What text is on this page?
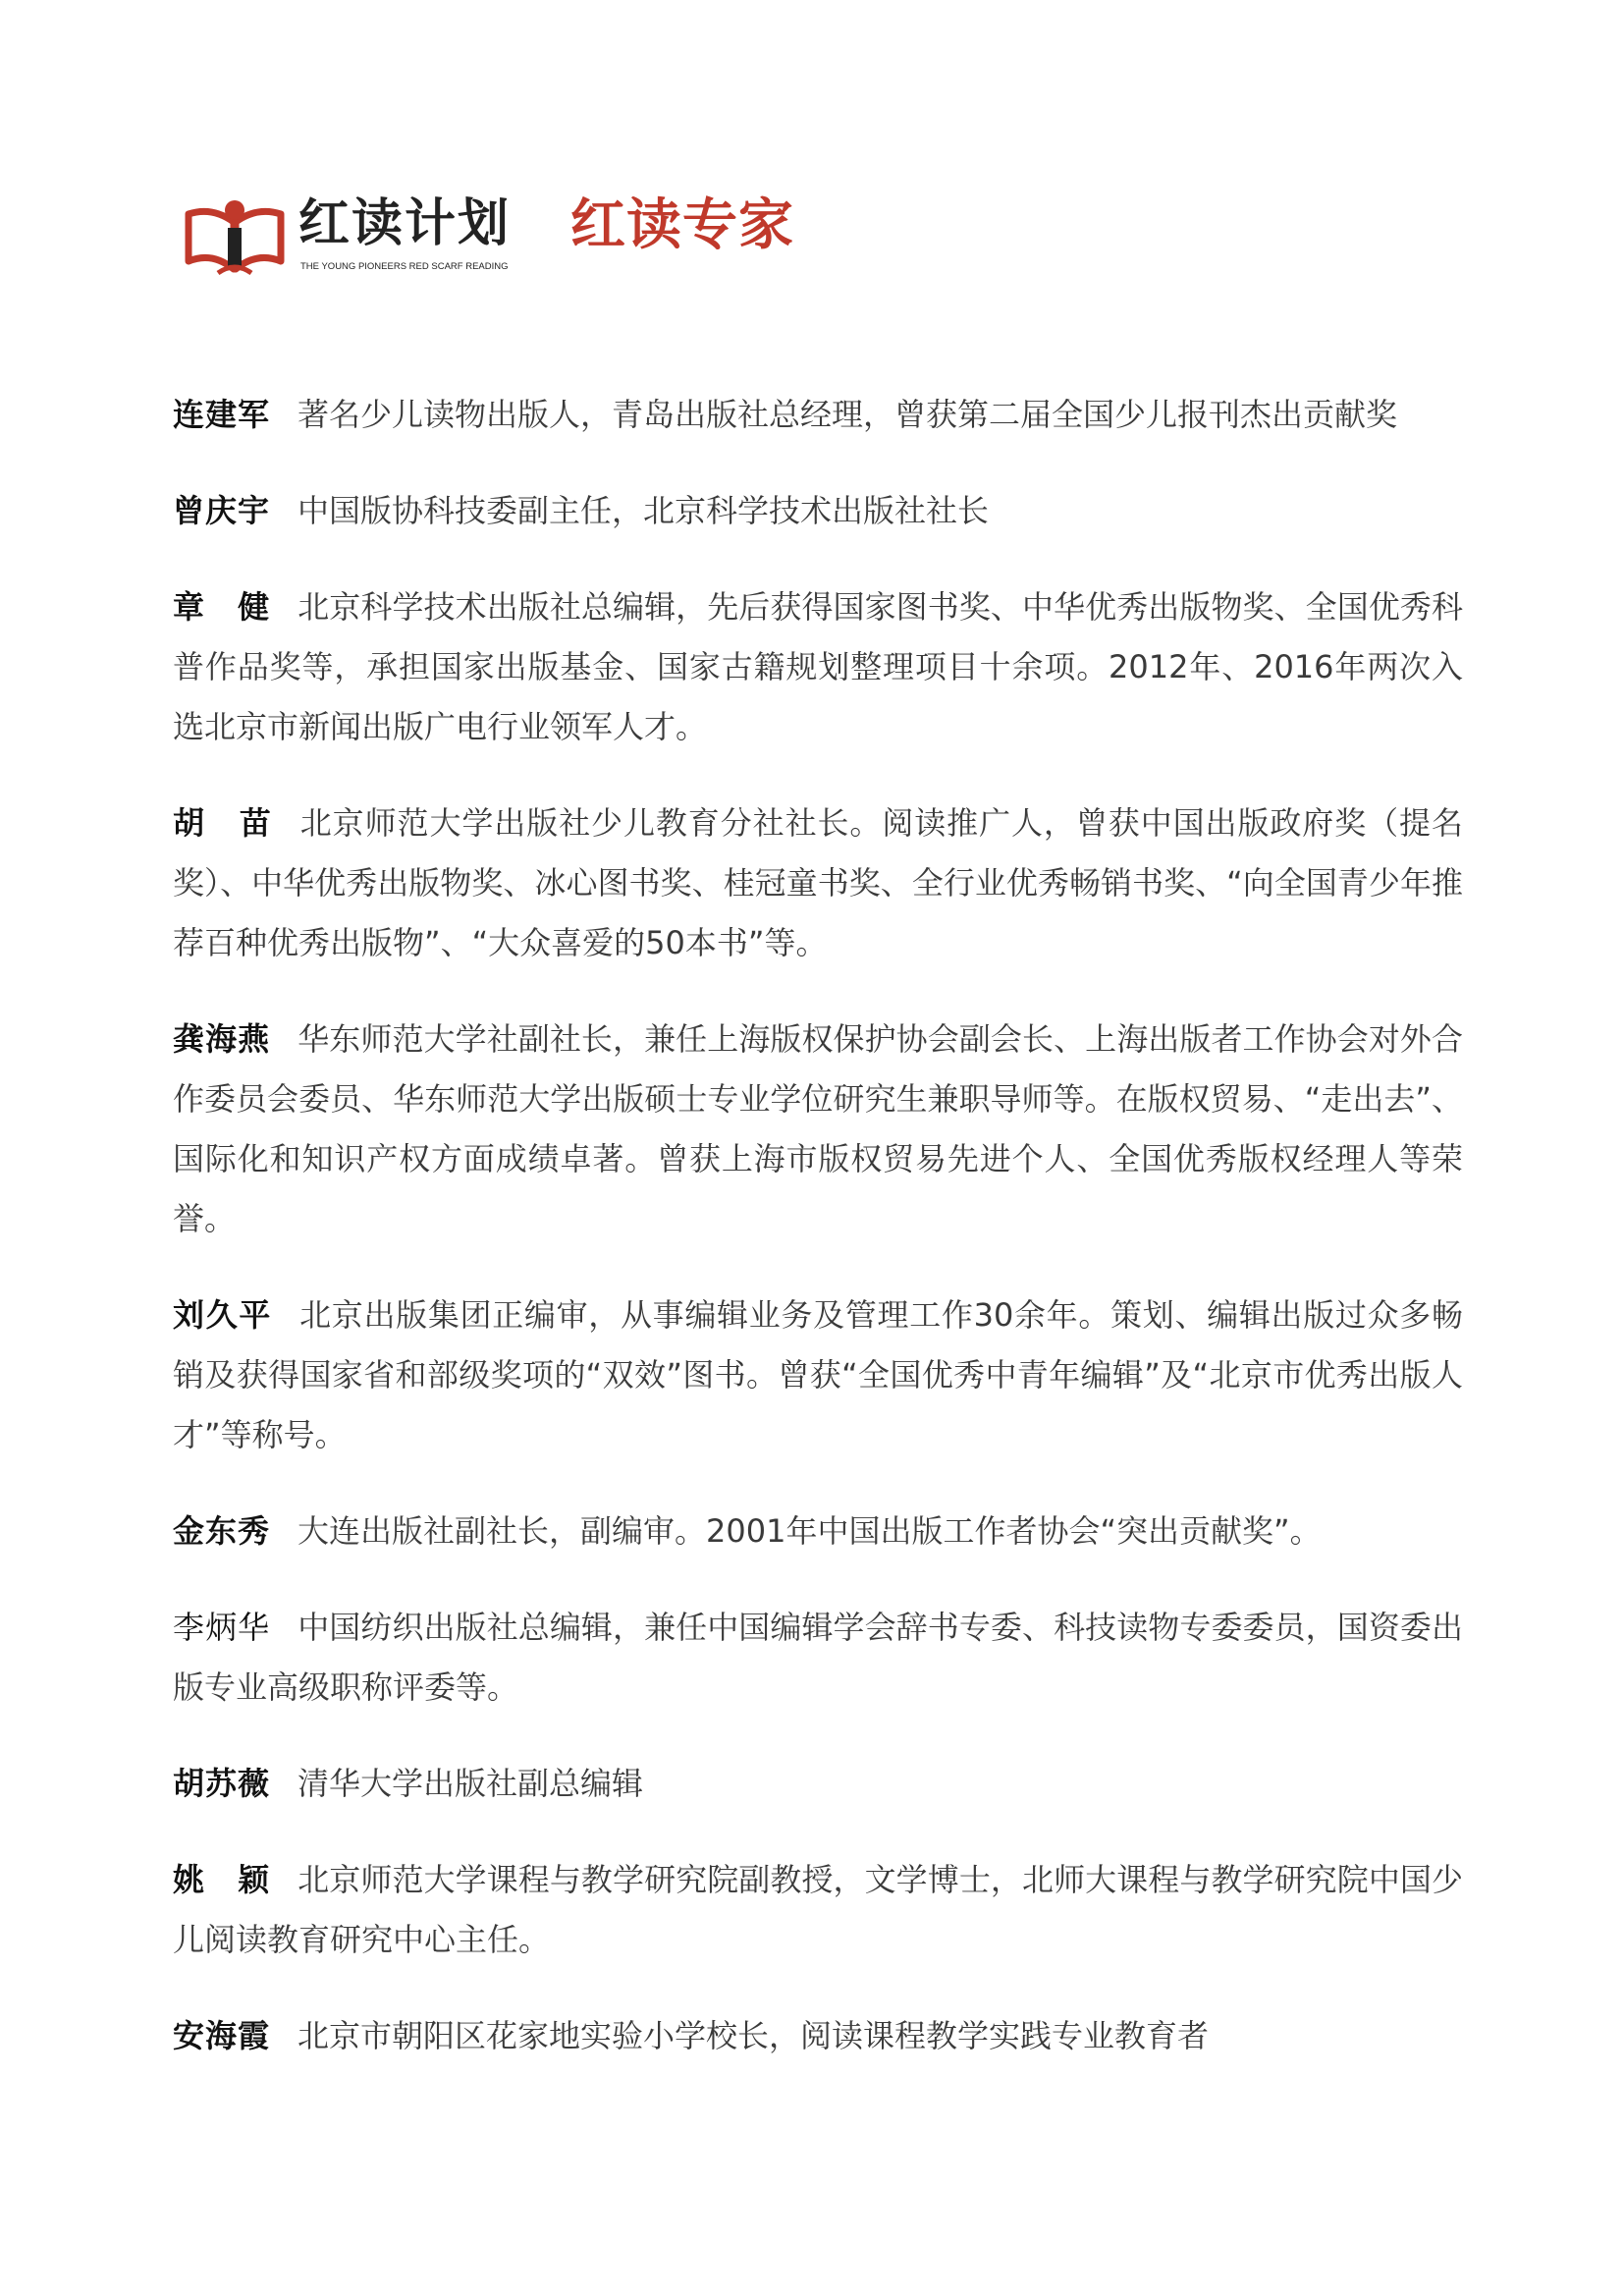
红读计划
THE YOUNG PIONEERS RED SCARF READING
红读专家

连建军 著名少儿读物出版人，青岛出版社总经理，曾获第二届全国少儿报刊杰出贡献奖

曾庆宇 中国版协科技委副主任，北京科学技术出版社社长

章　健 北京科学技术出版社总编辑，先后获得国家图书奖、中华优秀出版物奖、全国优秀科普作品奖等，承担国家出版基金、国家古籍规划整理项目十余项。2012年、2016年两次入选北京市新闻出版广电行业领军人才。

胡　苗 北京师范大学出版社少儿教育分社社长。阅读推广人，曾获中国出版政府奖（提名奖）、中华优秀出版物奖、冰心图书奖、桂冠童书奖、全行业优秀畅销书奖、“向全国青少年推荐百种优秀出版物”、“大众喜爱的50本书”等。

龚海燕 华东师范大学社副社长，兼任上海版权保护协会副会长、上海出版者工作协会对外合作委员会委员、华东师范大学出版硕士专业学位研究生兼职导师等。在版权贸易、“走出去”、国际化和知识产权方面成绩卓著。曾获上海市版权贸易先进个人、全国优秀版权经理人等荣誉。

刘久平 北京出版集团正编审，从事编辑业务及管理工作30余年。策划、编辑出版过众多畅销及获得国家省和部级奖项的“双效”图书。曾获“全国优秀中青年编辑”及“北京市优秀出版人才”等称号。

金东秀 大连出版社副社长，副编审。2001年中国出版工作者协会“突出贡献奖”。

李炳华 中国纺织出版社总编辑，兼任中国编辑学会辞书专委、科技读物专委委员，国资委出版专业高级职称评委等。

胡苏薇 清华大学出版社副总编辑

姚　颖 北京师范大学课程与教学研究院副教授，文学博士，北师大课程与教学研究院中国少儿阅读教育研究中心主任。

安海霞 北京市朝阳区花家地实验小学校长，阅读课程教学实践专业教育者
